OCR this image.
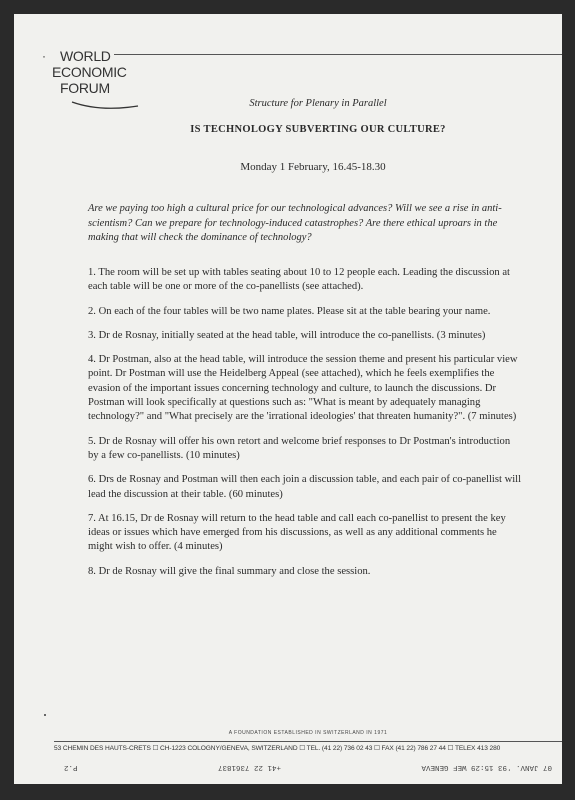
· WORLD
ECONOMIC
FORUM
Structure for Plenary in Parallel
IS TECHNOLOGY SUBVERTING OUR CULTURE?
Monday 1 February, 16.45-18.30
Are we paying too high a cultural price for our technological advances? Will we see a rise in anti-scientism? Can we prepare for technology-induced catastrophes? Are there ethical uproars in the making that will check the dominance of technology?

1. The room will be set up with tables seating about 10 to 12 people each. Leading the discussion at each table will be one or more of the co-panellists (see attached).

2. On each of the four tables will be two name plates. Please sit at the table bearing your name.

3. Dr de Rosnay, initially seated at the head table, will introduce the co-panellists. (3 minutes)

4. Dr Postman, also at the head table, will introduce the session theme and present his particular view point. Dr Postman will use the Heidelberg Appeal (see attached), which he feels exemplifies the evasion of the important issues concerning technology and culture, to launch the discussions. Dr Postman will look specifically at questions such as: "What is meant by adequately managing technology?" and "What precisely are the 'irrational ideologies' that threaten humanity?". (7 minutes)

5. Dr de Rosnay will offer his own retort and welcome brief responses to Dr Postman's introduction by a few co-panellists. (10 minutes)

6. Drs de Rosnay and Postman will then each join a discussion table, and each pair of co-panellist will lead the discussion at their table. (60 minutes)

7. At 16.15, Dr de Rosnay will return to the head table and call each co-panellist to present the key ideas or issues which have emerged from his discussions, as well as any additional comments he might wish to offer. (4 minutes)

8. Dr de Rosnay will give the final summary and close the session.

A FOUNDATION ESTABLISHED IN SWITZERLAND IN 1971
53 CHEMIN DES HAUTS-CRETS ☐ CH-1223 COLOGNY/GENEVA, SWITZERLAND ☐ TEL. (41 22) 736 02 43 ☐ FAX (41 22) 786 27 44 ☐ TELEX 413 280
07 JANV. '93 15:29 WEF GENEVA
+41 22 7361837
P.2
